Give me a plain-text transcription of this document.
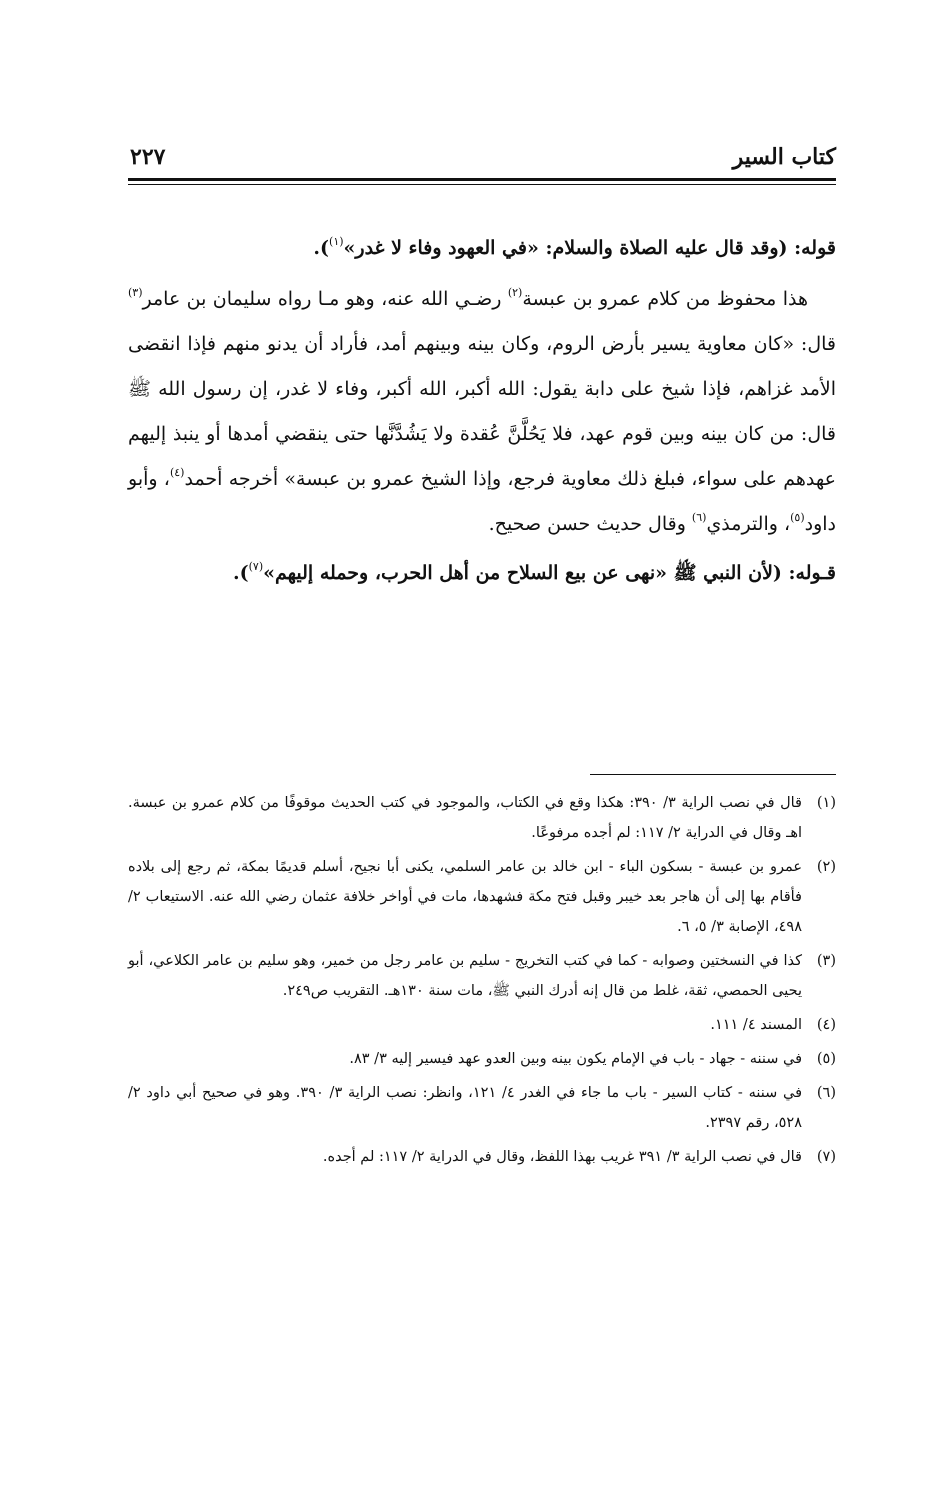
كتاب السير
٢٢٧

قوله: (وقد قال عليه الصلاة والسلام: «في العهود وفاء لا غدر»$^{(١)}$).

هذا محفوظ من كلام عمرو بن عبسة$^{(٢)}$ رضـي الله عنه، وهو مـا رواه سليمان بن عامر$^{(٣)}$ قال: «كان معاوية يسير بأرض الروم، وكان بينه وبينهم أمد، فأراد أن يدنو منهم فإذا انقضى الأمد غزاهم، فإذا شيخ على دابة يقول: الله أكبر، الله أكبر، وفاء لا غدر، إن رسول الله ﷺ قال: من كان بينه وبين قوم عهد، فلا يَحُلَّنَّ عُقدة ولا يَشُدَّنَّها حتى ينقضي أمدها أو ينبذ إليهم عهدهم على سواء، فبلغ ذلك معاوية فرجع، وإذا الشيخ عمرو بن عبسة» أخرجه أحمد$^{(٤)}$، وأبو داود$^{(٥)}$، والترمذي$^{(٦)}$ وقال حديث حسن صحيح.

قـوله: (لأن النبي ﷺ «نهى عن بيع السلاح من أهل الحرب، وحمله إليهم»$^{(٧)}$).

(١)
قال في نصب الراية ٣/ ٣٩٠: هكذا وقع في الكتاب، والموجود في كتب الحديث موقوفًا من كلام عمرو بن عبسة. اهـ وقال في الدراية ٢/ ١١٧: لم أجده مرفوعًا.

(٢)
عمرو بن عبسة - بسكون الباء - ابن خالد بن عامر السلمي، يكنى أبا نجيح، أسلم قديمًا بمكة، ثم رجع إلى بلاده فأقام بها إلى أن هاجر بعد خيبر وقبل فتح مكة فشهدها، مات في أواخر خلافة عثمان رضي الله عنه. الاستيعاب ٢/ ٤٩٨، الإصابة ٣/ ٥، ٦.

(٣)
كذا في النسختين وصوابه - كما في كتب التخريج - سليم بن عامر رجل من خمير، وهو سليم بن عامر الكلاعي، أبو يحيى الحمصي، ثقة، غلط من قال إنه أدرك النبي ﷺ، مات سنة ١٣٠هـ. التقريب ص٢٤٩.

(٤)
المسند ٤/ ١١١.

(٥)
في سننه - جهاد - باب في الإمام يكون بينه وبين العدو عهد فيسير إليه ٣/ ٨٣.

(٦)
في سننه - كتاب السير - باب ما جاء في الغدر ٤/ ١٢١، وانظر: نصب الراية ٣/ ٣٩٠. وهو في صحيح أبي داود ٢/ ٥٢٨، رقم ٢٣٩٧.

(٧)
قال في نصب الراية ٣/ ٣٩١ غريب بهذا اللفظ، وقال في الدراية ٢/ ١١٧: لم أجده.
